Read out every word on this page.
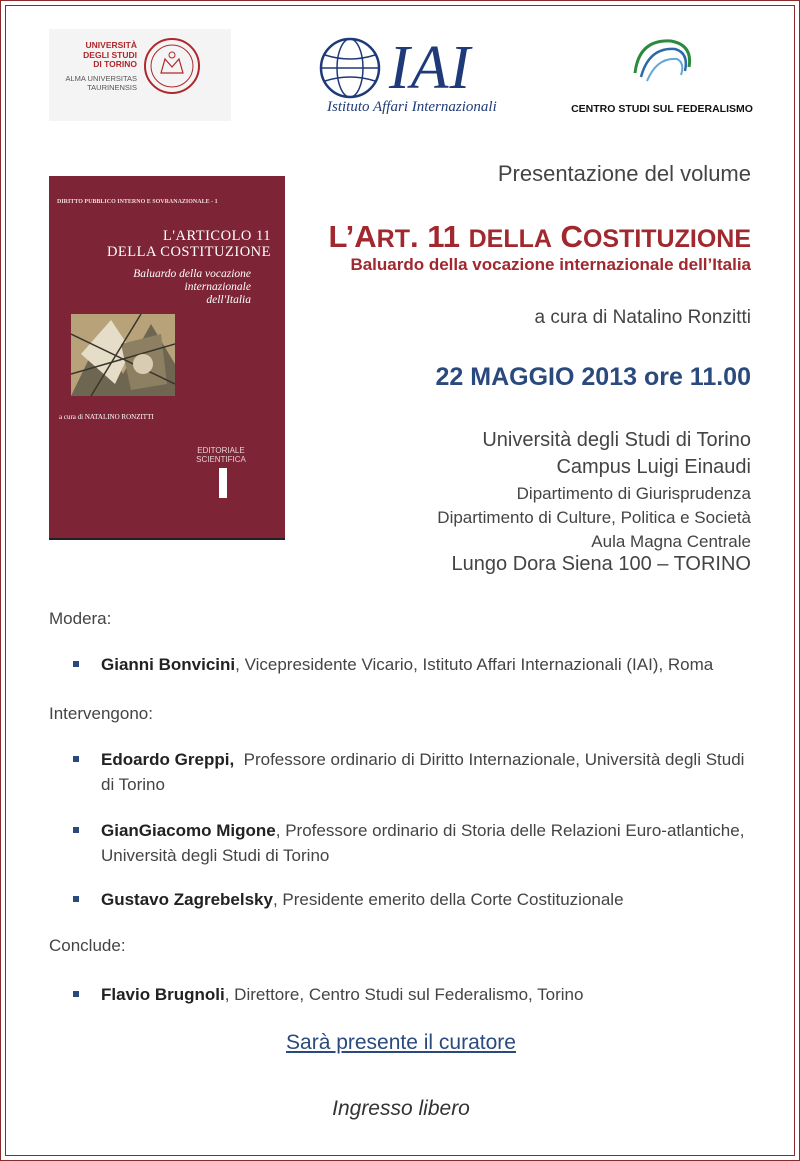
UNIVERSITÀ
DEGLI STUDI
DI TORINO
ALMA UNIVERSITAS
TAURINENSIS	IAI
Istituto Affari Internazionali	CENTRO STUDI SUL FEDERALISMO
DIRITTO PUBBLICO INTERNO E SOVRANAZIONALE - 1
L'ARTICOLO 11
DELLA COSTITUZIONE
Baluardo della vocazione
internazionale
dell'Italia
a cura di NATALINO RONZITTI
EDITORIALE
SCIENTIFICA
Presentazione del volume
L’ART. 11 DELLA COSTITUZIONE
Baluardo della vocazione internazionale dell’Italia
a cura di Natalino Ronzitti
22 MAGGIO 2013 ore 11.00
Università degli Studi di Torino
Campus Luigi Einaudi
Dipartimento di Giurisprudenza
Dipartimento di Culture, Politica e Società
Aula Magna Centrale
Lungo Dora Siena 100 – TORINO
Modera:
Gianni Bonvicini, Vicepresidente Vicario, Istituto Affari Internazionali (IAI), Roma
Intervengono:
Edoardo Greppi,  Professore ordinario di Diritto Internazionale, Università degli Studi di Torino
GianGiacomo Migone, Professore ordinario di Storia delle Relazioni Euro-atlantiche, Università degli Studi di Torino
Gustavo Zagrebelsky, Presidente emerito della Corte Costituzionale
Conclude:
Flavio Brugnoli, Direttore, Centro Studi sul Federalismo, Torino
Sarà presente il curatore
Ingresso libero
